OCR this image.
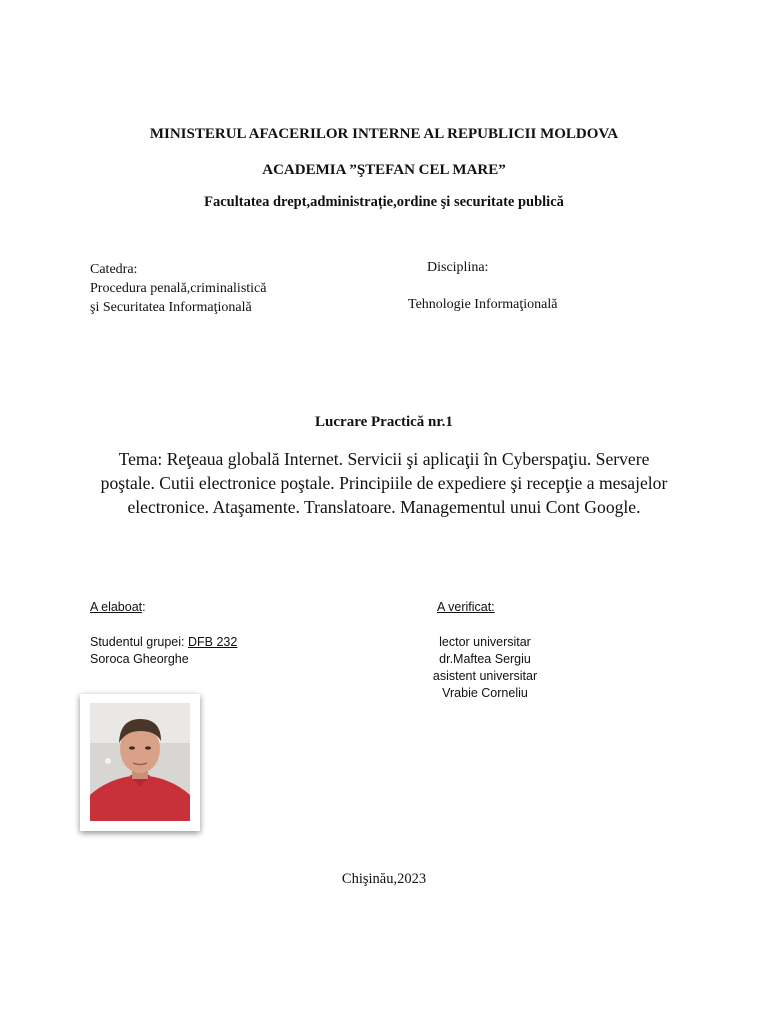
MINISTERUL AFACERILOR INTERNE AL REPUBLICII MOLDOVA
ACADEMIA ”ŞTEFAN CEL MARE”
Facultatea drept,administrație,ordine şi securitate publică
Catedra:
Procedura penală,criminalistică
şi Securitatea Informaţională
Disciplina:
Tehnologie Informaţională
Lucrare Practică nr.1
Tema: Reţeaua globală Internet. Servicii şi aplicaţii în Cyberspaţiu. Servere poştale. Cutii electronice poştale. Principiile de expediere şi recepţie a mesajelor electronice. Ataşamente. Translatoare. Managementul unui Cont Google.
A elaboat:	A verificat:
Studentul grupei: DFB 232
Soroca Gheorghe
lector universitar
dr.Maftea Sergiu
asistent universitar
Vrabie Corneliu
Chişinău,2023
